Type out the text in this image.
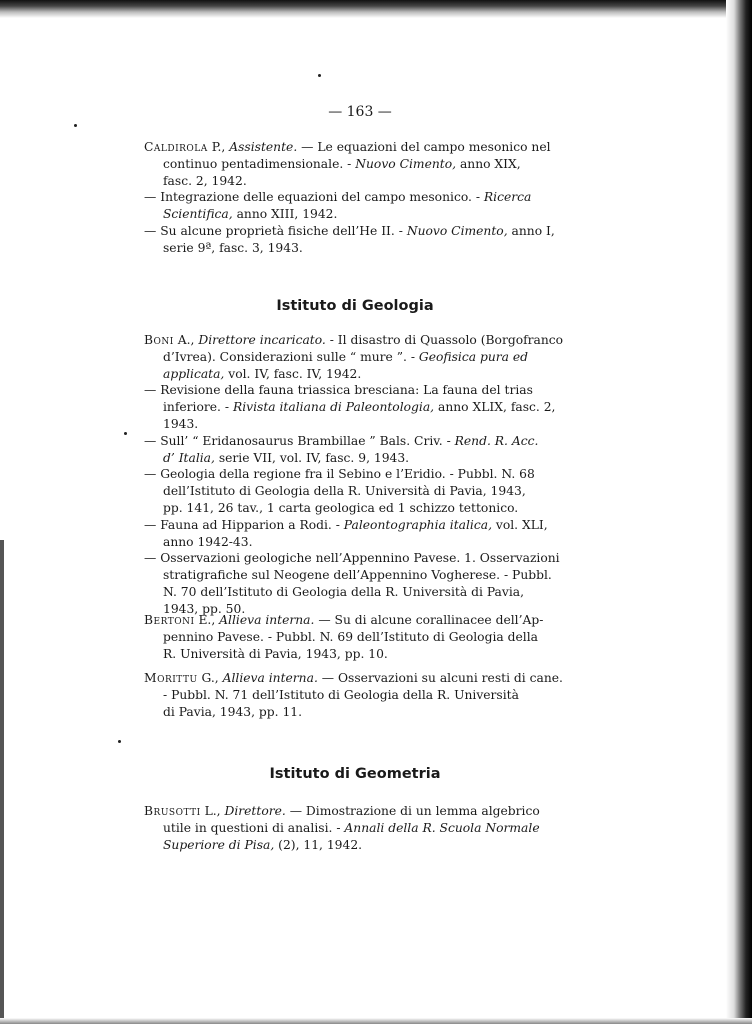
— 163 —

Caldirola P., Assistente. — Le equazioni del campo mesonico nel

continuo pentadimensionale. - Nuovo Cimento, anno XIX,

fasc. 2, 1942.

— Integrazione delle equazioni del campo mesonico. - Ricerca

Scientifica, anno XIII, 1942.

— Su alcune proprietà fisiche dell’He II. - Nuovo Cimento, anno I,

serie 9ª, fasc. 3, 1943.

Istituto di Geologia

Boni A., Direttore incaricato. - Il disastro di Quassolo (Borgofranco

d’Ivrea). Considerazioni sulle “ mure ”. - Geofisica pura ed

applicata, vol. IV, fasc. IV, 1942.

— Revisione della fauna triassica bresciana: La fauna del trias

inferiore. - Rivista italiana di Paleontologia, anno XLIX, fasc. 2,

1943.

— Sull’ “ Eridanosaurus Brambillae ” Bals. Criv. - Rend. R. Acc.

d’ Italia, serie VII, vol. IV, fasc. 9, 1943.

— Geologia della regione fra il Sebino e l’Eridio. - Pubbl. N. 68

dell’Istituto di Geologia della R. Università di Pavia, 1943,

pp. 141, 26 tav., 1 carta geologica ed 1 schizzo tettonico.

— Fauna ad Hipparion a Rodi. - Paleontographia italica, vol. XLI,

anno 1942-43.

— Osservazioni geologiche nell’Appennino Pavese. 1. Osservazioni

stratigrafiche sul Neogene dell’Appennino Vogherese. - Pubbl.

N. 70 dell’Istituto di Geologia della R. Università di Pavia,

1943, pp. 50.

Bertoni E., Allieva interna. — Su di alcune corallinacee dell’Ap-

pennino Pavese. - Pubbl. N. 69 dell’Istituto di Geologia della

R. Università di Pavia, 1943, pp. 10.

Morittu G., Allieva interna. — Osservazioni su alcuni resti di cane.

- Pubbl. N. 71 dell’Istituto di Geologia della R. Università

di Pavia, 1943, pp. 11.

Istituto di Geometria

Brusotti L., Direttore. — Dimostrazione di un lemma algebrico

utile in questioni di analisi. - Annali della R. Scuola Normale

Superiore di Pisa, (2), 11, 1942.
